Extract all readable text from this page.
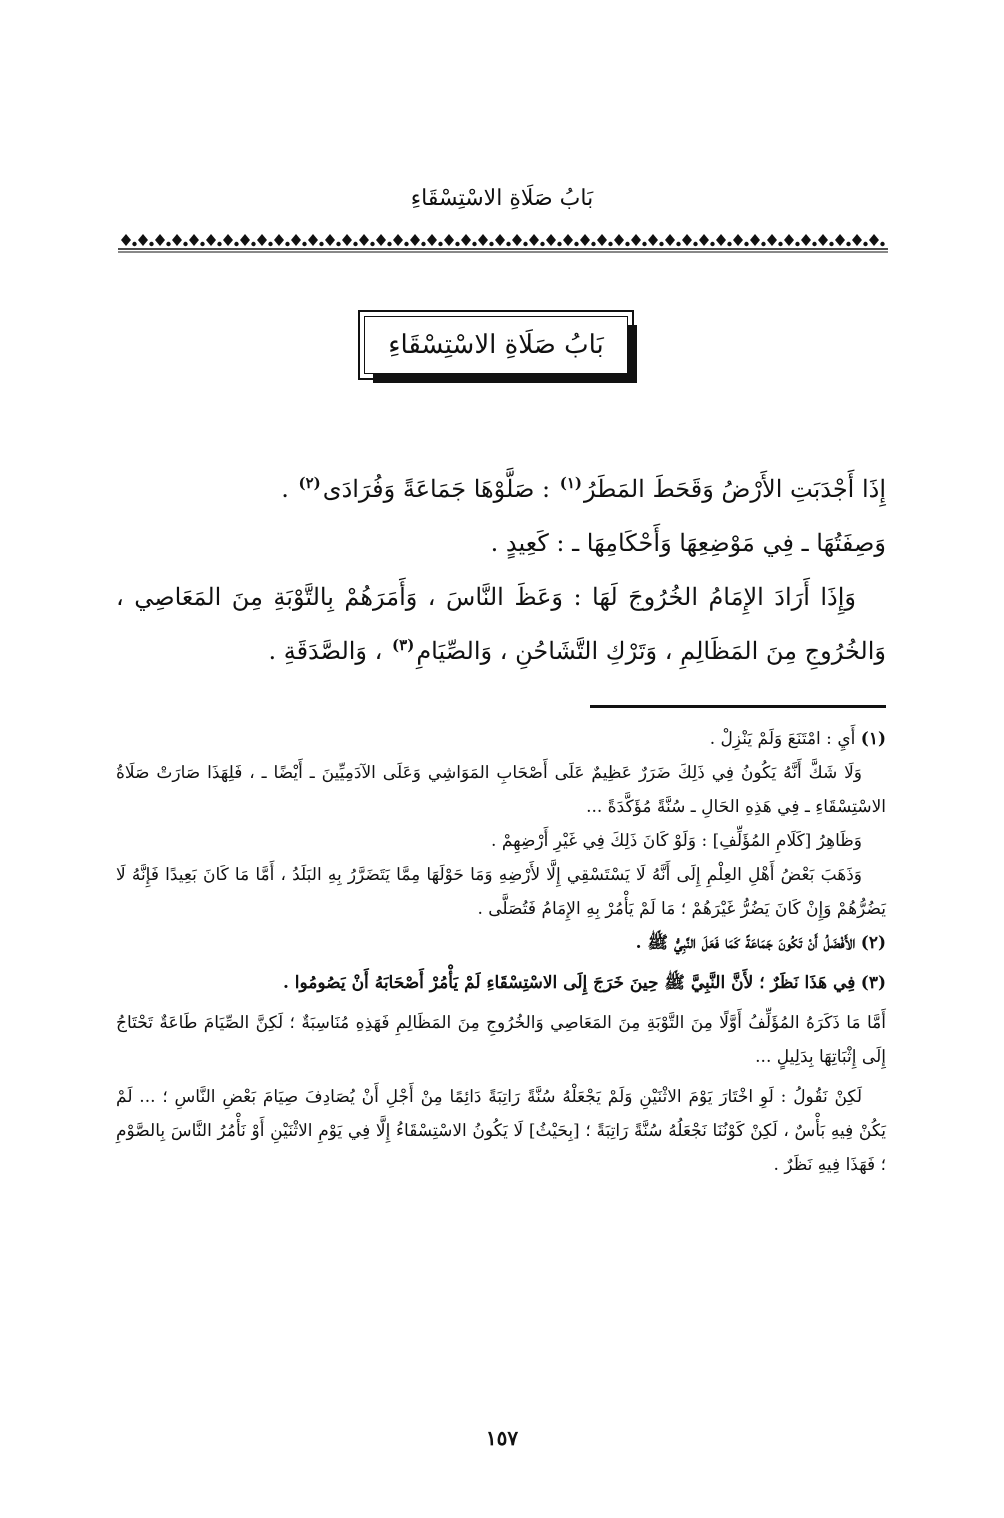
بَابُ صَلَاةِ الاسْتِسْقَاءِ
بَابُ صَلَاةِ الاسْتِسْقَاءِ

إِذَا أَجْدَبَتِ الأَرْضُ وَقَحَطَ المَطَرُ$^{(١)}$ : صَلَّوْهَا جَمَاعَةً وَفُرَادَى$^{(٢)}$ .

وَصِفَتُهَا ـ فِي مَوْضِعِهَا وَأَحْكَامِهَا ـ : كَعِيدٍ .

وَإِذَا أَرَادَ الإِمَامُ الخُرُوجَ لَهَا : وَعَظَ النَّاسَ ، وَأَمَرَهُمْ بِالتَّوْبَةِ مِنَ المَعَاصِي ، وَالخُرُوجِ مِنَ المَظَالِمِ ، وَتَرْكِ التَّشَاحُنِ ، وَالصِّيَامِ$^{(٣)}$ ، وَالصَّدَقَةِ .

(١) أَيِ : امْتَنَعَ وَلَمْ يَنْزِلْ .

وَلَا شَكَّ أَنَّهُ يَكُونُ فِي ذَلِكَ ضَرَرٌ عَظِيمٌ عَلَى أَصْحَابِ المَوَاشِي وَعَلَى الآدَمِيِّينَ ـ أَيْضًا ـ ، فَلِهَذَا صَارَتْ صَلَاةُ الاسْتِسْقَاءِ ـ فِي هَذِهِ الحَالِ ـ سُنَّةً مُؤَكَّدَةً ...

وَظَاهِرُ [كَلَامِ المُؤَلِّفِ] : وَلَوْ كَانَ ذَلِكَ فِي غَيْرِ أَرْضِهِمْ .

وَذَهَبَ بَعْضُ أَهْلِ العِلْمِ إِلَى أَنَّهُ لَا يَسْتَسْقِي إِلَّا لأَرْضِهِ وَمَا حَوْلَهَا مِمَّا يَتَضَرَّرُ بِهِ البَلَدُ ، أَمَّا مَا كَانَ بَعِيدًا فَإِنَّهُ لَا يَضُرُّهُمْ وَإِنْ كَانَ يَضُرُّ غَيْرَهُمْ ؛ مَا لَمْ يَأْمُرْ بِهِ الإِمَامُ فَتُصَلَّى .

(٢) الأَفْضَلُ أَنْ تَكُونَ جَمَاعَةً كَمَا فَعَلَ النَّبِيُّ ﷺ .

(٣) فِي هَذَا نَظَرٌ ؛ لأَنَّ النَّبِيَّ ﷺ حِينَ خَرَجَ إِلَى الاسْتِسْقَاءِ لَمْ يَأْمُرْ أَصْحَابَهُ أَنْ يَصُومُوا .

أَمَّا مَا ذَكَرَهُ المُؤَلِّفُ أَوَّلًا مِنَ التَّوْبَةِ مِنَ المَعَاصِي وَالخُرُوجِ مِنَ المَظَالِمِ فَهَذِهِ مُنَاسِبَةٌ ؛ لَكِنَّ الصِّيَامَ طَاعَةٌ تَحْتَاجُ إِلَى إِثْبَاتِهَا بِدَلِيلٍ ...

لَكِنْ نَقُولُ : لَوِ اخْتَارَ يَوْمَ الاثْنَيْنِ وَلَمْ يَجْعَلْهُ سُنَّةً رَاتِبَةً دَائِمًا مِنْ أَجْلِ أَنْ يُصَادِفَ صِيَامَ بَعْضِ النَّاسِ ؛ ... لَمْ يَكُنْ فِيهِ بَأْسٌ ، لَكِنْ كَوْنُنَا نَجْعَلُهُ سُنَّةً رَاتِبَةً ؛ [بِحَيْثُ] لَا يَكُونُ الاسْتِسْقَاءُ إِلَّا فِي يَوْمِ الاثْنَيْنِ أَوْ نَأْمُرُ النَّاسَ بِالصَّوْمِ ؛ فَهَذَا فِيهِ نَظَرٌ .

١٥٧
